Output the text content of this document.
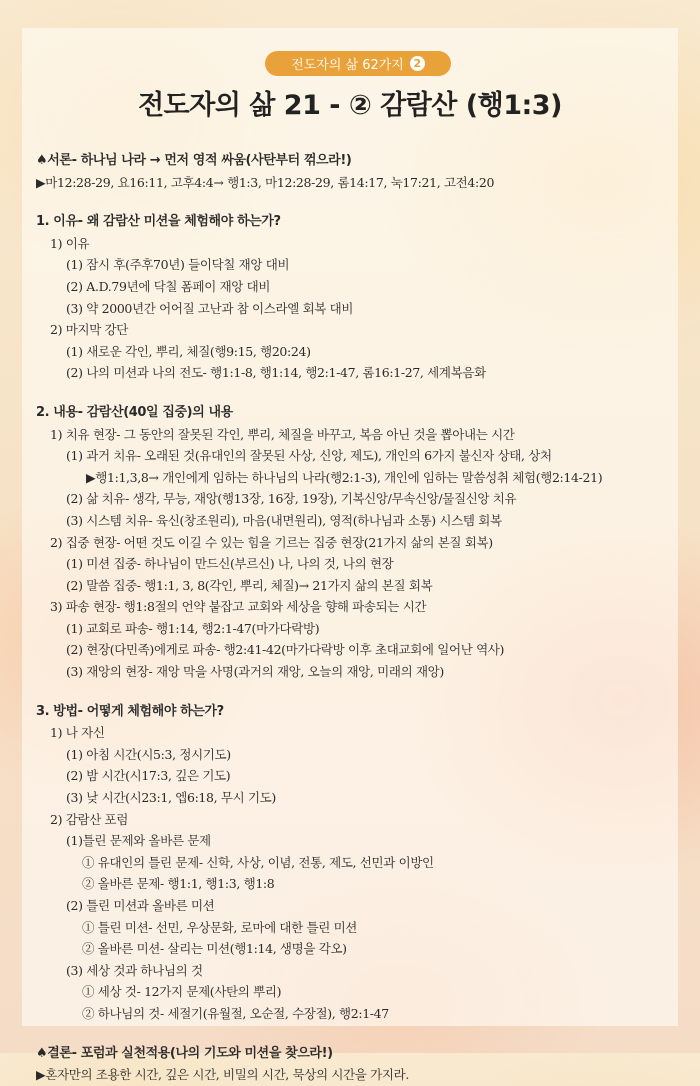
전도자의 삶 62가지 2
전도자의 삶 21 - ② 감람산 (행1:3)
♠서론- 하나님 나라 → 먼저 영적 싸움(사탄부터 꺾으라!)
▶마12:28-29, 요16:11, 고후4:4→ 행1:3, 마12:28-29, 롬14:17, 눅17:21, 고전4:20
1. 이유- 왜 감람산 미션을 체험해야 하는가?
1) 이유
(1) 잠시 후(주후70년) 들이닥칠 재앙 대비
(2) A.D.79년에 닥칠 폼페이 재앙 대비
(3) 약 2000년간 어어질 고난과 참 이스라엘 회복 대비
2) 마지막 강단
(1) 새로운 각인, 뿌리, 체질(행9:15, 행20:24)
(2) 나의 미션과 나의 전도- 행1:1-8, 행1:14, 행2:1-47, 롬16:1-27, 세계복음화
2. 내용- 감람산(40일 집중)의 내용
1) 치유 현장- 그 동안의 잘못된 각인, 뿌리, 체질을 바꾸고, 복음 아닌 것을 뽑아내는 시간
(1) 과거 치유- 오래된 것(유대인의 잘못된 사상, 신앙, 제도), 개인의 6가지 불신자 상태, 상처
▶행1:1,3,8→ 개인에게 임하는 하나님의 나라(행2:1-3), 개인에 임하는 말씀성취 체험(행2:14-21)
(2) 삶 치유- 생각, 무능, 재앙(행13장, 16장, 19장), 기복신앙/무속신앙/물질신앙 치유
(3) 시스템 치유- 육신(창조원리), 마음(내면원리), 영적(하나님과 소통) 시스템 회복
2) 집중 현장- 어떤 것도 이길 수 있는 힘을 기르는 집중 현장(21가지 삶의 본질 회복)
(1) 미션 집중- 하나님이 만드신(부르신) 나, 나의 것, 나의 현장
(2) 말씀 집중- 행1:1, 3, 8(각인, 뿌리, 체질)→ 21가지 삶의 본질 회복
3) 파송 현장- 행1:8절의 언약 붙잡고 교회와 세상을 향해 파송되는 시간
(1) 교회로 파송- 행1:14, 행2:1-47(마가다락방)
(2) 현장(다민족)에게로 파송- 행2:41-42(마가다락방 이후 초대교회에 일어난 역사)
(3) 재앙의 현장- 재앙 막을 사명(과거의 재앙, 오늘의 재앙, 미래의 재앙)
3. 방법- 어떻게 체험해야 하는가?
1) 나 자신
(1) 아침 시간(시5:3, 정시기도)
(2) 밤 시간(시17:3, 깊은 기도)
(3) 낮 시간(시23:1, 엡6:18, 무시 기도)
2) 감람산 포럼
(1)틀린 문제와 올바른 문제
① 유대인의 틀린 문제- 신학, 사상, 이념, 전통, 제도, 선민과 이방인
② 올바른 문제- 행1:1, 행1:3, 행1:8
(2) 틀린 미션과 올바른 미션
① 틀린 미션- 선민, 우상문화, 로마에 대한 틀린 미션
② 올바른 미션- 살리는 미션(행1:14, 생명을 각오)
(3) 세상 것과 하나님의 것
① 세상 것- 12가지 문제(사탄의 뿌리)
② 하나님의 것- 세절기(유월절, 오순절, 수장절), 행2:1-47
♠결론- 포럼과 실천적용(나의 기도와 미션을 찾으라!)
▶혼자만의 조용한 시간, 깊은 시간, 비밀의 시간, 묵상의 시간을 가지라.
